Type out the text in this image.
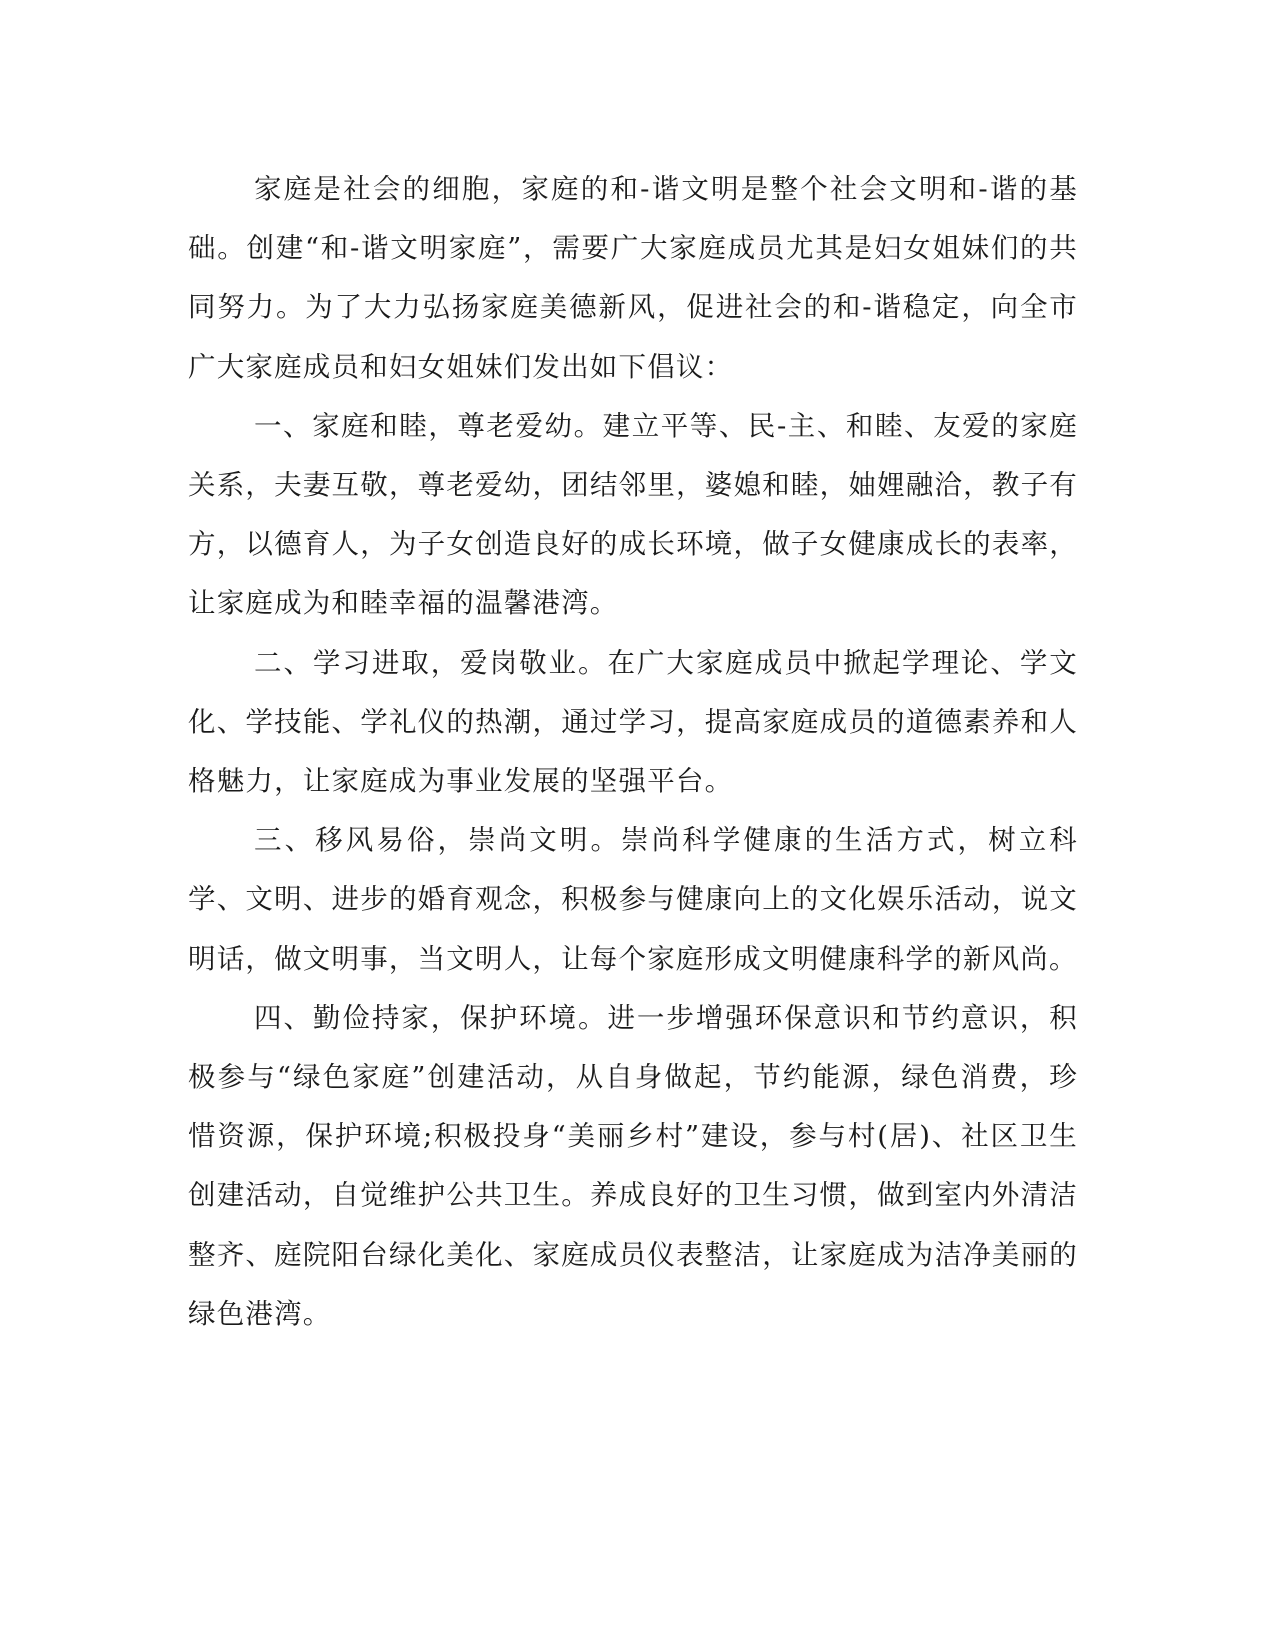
家庭是社会的细胞，家庭的和-谐文明是整个社会文明和-谐的基础。创建“和-谐文明家庭”，需要广大家庭成员尤其是妇女姐妹们的共同努力。为了大力弘扬家庭美德新风，促进社会的和-谐稳定，向全市广大家庭成员和妇女姐妹们发出如下倡议：

一、家庭和睦，尊老爱幼。建立平等、民-主、和睦、友爱的家庭关系，夫妻互敬，尊老爱幼，团结邻里，婆媳和睦，妯娌融洽，教子有方，以德育人，为子女创造良好的成长环境，做子女健康成长的表率，让家庭成为和睦幸福的温馨港湾。

二、学习进取，爱岗敬业。在广大家庭成员中掀起学理论、学文化、学技能、学礼仪的热潮，通过学习，提高家庭成员的道德素养和人格魅力，让家庭成为事业发展的坚强平台。

三、移风易俗，崇尚文明。崇尚科学健康的生活方式，树立科学、文明、进步的婚育观念，积极参与健康向上的文化娱乐活动，说文明话，做文明事，当文明人，让每个家庭形成文明健康科学的新风尚。

四、勤俭持家，保护环境。进一步增强环保意识和节约意识，积极参与“绿色家庭”创建活动，从自身做起，节约能源，绿色消费，珍惜资源，保护环境;积极投身“美丽乡村”建设，参与村(居)、社区卫生创建活动，自觉维护公共卫生。养成良好的卫生习惯，做到室内外清洁整齐、庭院阳台绿化美化、家庭成员仪表整洁，让家庭成为洁净美丽的绿色港湾。
